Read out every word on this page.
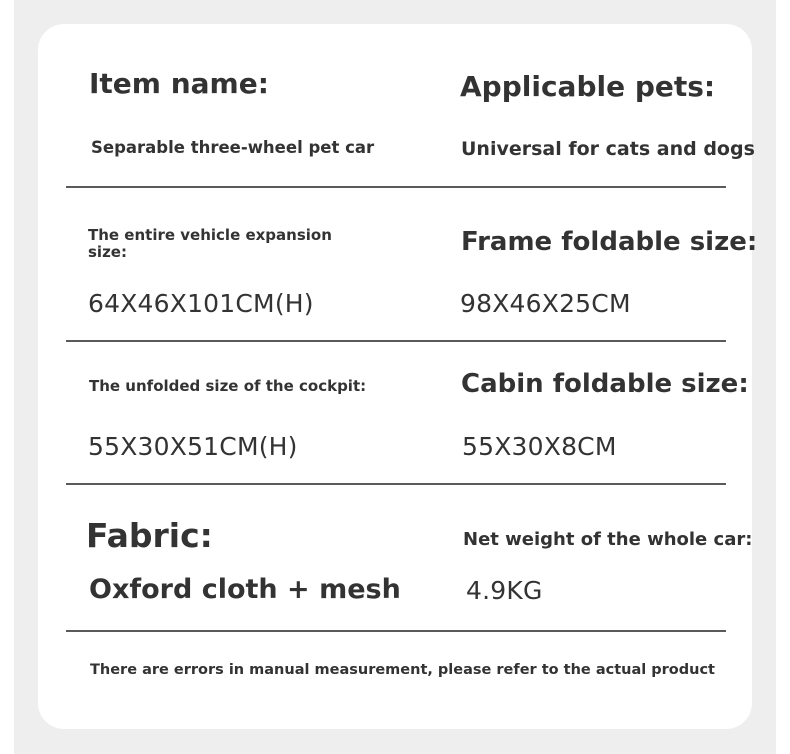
Item name:	Applicable pets:
Separable three-wheel pet car	Universal for cats and dogs
The entire vehicle expansion size:	Frame foldable size:
64X46X101CM(H)	98X46X25CM
The unfolded size of the cockpit:	Cabin foldable size:
55X30X51CM(H)	55X30X8CM
Fabric:	Net weight of the whole car:
Oxford cloth + mesh	4.9KG
There are errors in manual measurement, please refer to the actual product
